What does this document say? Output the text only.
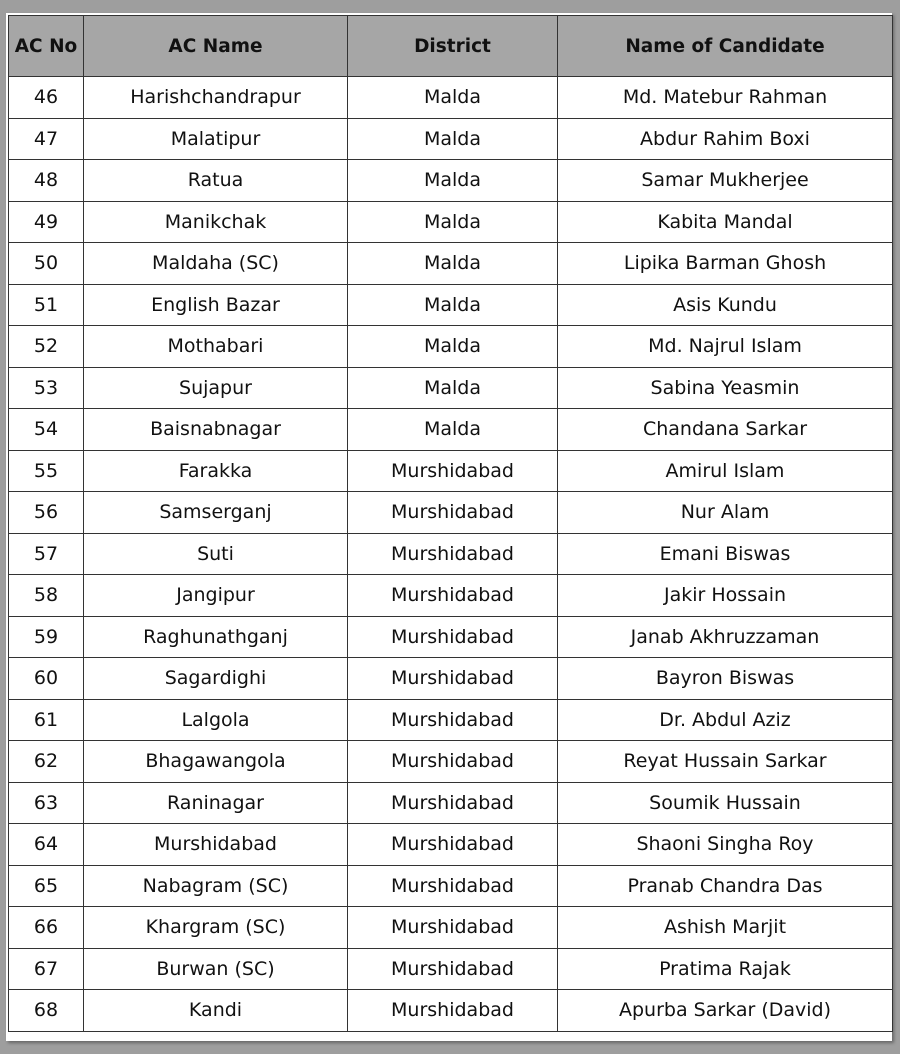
AC No	AC Name	District	Name of Candidate
46	Harishchandrapur	Malda	Md. Matebur Rahman
47	Malatipur	Malda	Abdur Rahim Boxi
48	Ratua	Malda	Samar Mukherjee
49	Manikchak	Malda	Kabita Mandal
50	Maldaha (SC)	Malda	Lipika Barman Ghosh
51	English Bazar	Malda	Asis Kundu
52	Mothabari	Malda	Md. Najrul Islam
53	Sujapur	Malda	Sabina Yeasmin
54	Baisnabnagar	Malda	Chandana Sarkar
55	Farakka	Murshidabad	Amirul Islam
56	Samserganj	Murshidabad	Nur Alam
57	Suti	Murshidabad	Emani Biswas
58	Jangipur	Murshidabad	Jakir Hossain
59	Raghunathganj	Murshidabad	Janab Akhruzzaman
60	Sagardighi	Murshidabad	Bayron Biswas
61	Lalgola	Murshidabad	Dr. Abdul Aziz
62	Bhagawangola	Murshidabad	Reyat Hussain Sarkar
63	Raninagar	Murshidabad	Soumik Hussain
64	Murshidabad	Murshidabad	Shaoni Singha Roy
65	Nabagram (SC)	Murshidabad	Pranab Chandra Das
66	Khargram (SC)	Murshidabad	Ashish Marjit
67	Burwan (SC)	Murshidabad	Pratima Rajak
68	Kandi	Murshidabad	Apurba Sarkar (David)
